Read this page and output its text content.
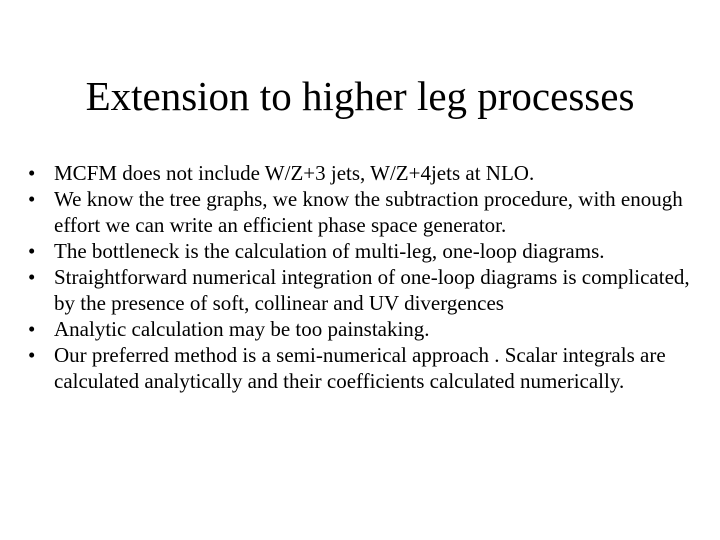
Extension to higher leg processes
• MCFM does not include W/Z+3 jets, W/Z+4jets at NLO.
• We know the tree graphs, we know the subtraction procedure, with enough effort we can write an efficient phase space generator.
• The bottleneck is the calculation of multi-leg, one-loop diagrams.
• Straightforward numerical integration of one-loop diagrams is complicated, by the presence of soft, collinear and UV divergences
• Analytic calculation may be too painstaking.
• Our preferred method is a semi-numerical approach . Scalar integrals are calculated analytically and their coefficients calculated numerically.
